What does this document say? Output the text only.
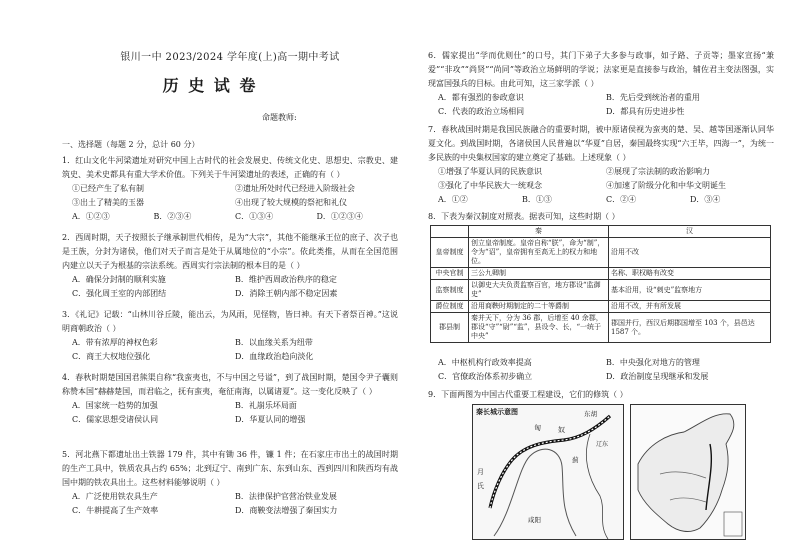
银川一中 2023/2024 学年度(上)高一期中考试
历 史 试 卷
命题教师:
一、选择题（每题 2 分，总计 60 分）
1．红山文化牛河梁遗址对研究中国上古时代的社会发展史、传统文化史、思想史、宗教史、建筑史、美术史都具有重大学术价值。下列关于牛河梁遗址的表述，正确的有（ ）
①已经产生了私有制	②遗址所处时代已经进入阶级社会
③出土了精美的玉器	④出现了较大规模的祭祀和礼仪
A．①②③	B．②③④	C．①③④	D．①②③④
2．西周时期，天子按照长子继承制世代相传，是为“大宗”，其他不能继承王位的庶子、次子也是王族，分封为诸侯，他们对天子而言是处于从属地位的“小宗”。依此类推，从而在全国范围内建立以天子为根基的宗法系统。西周实行宗法制的根本目的是（ ）
A．确保分封制的顺利实施	B．维护西周政治秩序的稳定
C．强化周王室的内部团结	D．消除王朝内部不稳定因素
3．《礼记》记载：“山林川谷丘陵，能出云，为风雨，见怪物，皆曰神。有天下者祭百神。”这说明商朝政治（ ）
A．带有浓厚的神权色彩	B．以血缘关系为纽带
C．商王大权地位强化	D．血缘政治趋向淡化
4．春秋时期楚国国君熊渠自称“我蛮夷也，不与中国之号谥”，到了战国时期，楚国令尹子囊则称赞本国“赫赫楚国，而君临之，抚有蛮夷，奄征南海，以属诸夏”。这一变化反映了（ ）
A．国家统一趋势的加强	B．礼崩乐坏局面
C．儒家思想受诸侯认同	D．华夏认同的增强
5．河北燕下都遗址出土铁器 179 件，其中有锄 36 件，镰 1 件；在石家庄市出土的战国时期的生产工具中，铁质农具占约 65%；北到辽宁、南到广东、东到山东、西到四川和陕西均有战国中期的铁农具出土。这些材料能够说明（ ）
A．广泛使用铁农具生产	B．法律保护官营冶铁业发展
C．牛耕提高了生产效率	D．商鞅变法增强了秦国实力
6．儒家提出“学而优则仕”的口号，其门下弟子大多参与政事，如子路、子贡等；墨家宣扬“兼爱”“非攻”“尚贤”“尚同”等政治立场鲜明的学说；法家更是直接参与政治，辅佐君主变法图强，实现富国强兵的目标。由此可知，这三家学派（ ）
A．都有强烈的参政意识	B．先后受到统治者的重用
C．代表的政治立场相同	D．都具有历史进步性
7．春秋战国时期是我国民族融合的重要时期，被中原诸侯视为蛮夷的楚、吴、越等国逐渐认同华夏文化。到战国时期，各诸侯国人民普遍以“华夏”自居，秦国最终实现“六王毕，四海一”，为统一多民族的中央集权国家的建立奠定了基础。上述现象（ ）
①增强了华夏认同的民族意识	②展现了宗法制的政治影响力
③强化了中华民族大一统观念	④加速了阶级分化和中华文明诞生
A．①②	B．①③	C．②④	D．③④
8．下表为秦汉制度对照表。据表可知，这些时期（ ）
	秦	汉
皇帝制度	创立皇帝制度。皇帝自称“朕”，命为“制”，令为“诏”，皇帝拥有至高无上的权力和地位。	沿用不改
中央官制	三公九卿制	名称、职权略有改变
监察制度	以御史大夫负责监察百官，地方郡设“监御史”	基本沿用，设“刺史”监察地方
爵位制度	沿用商鞅时期制定的二十等爵制	沿用不改，并有所发展
郡县制	秦并天下，分为 36 郡，后增至 40 余郡，郡设“守”“尉”“监”，县设令、长，“一统于中央”	郡国并行，西汉后期郡国增至 103 个，县邑达 1587 个。
A．中枢机构行政效率提高	B．中央强化对地方的管理
C．官僚政治体系初步确立	D．政治制度呈现继承和发展
9．下面两图为中国古代重要工程建设，它们的修筑（ ）
秦长城示意图	东胡
匈 奴
月
氏
咸阳
辽东
蓟
